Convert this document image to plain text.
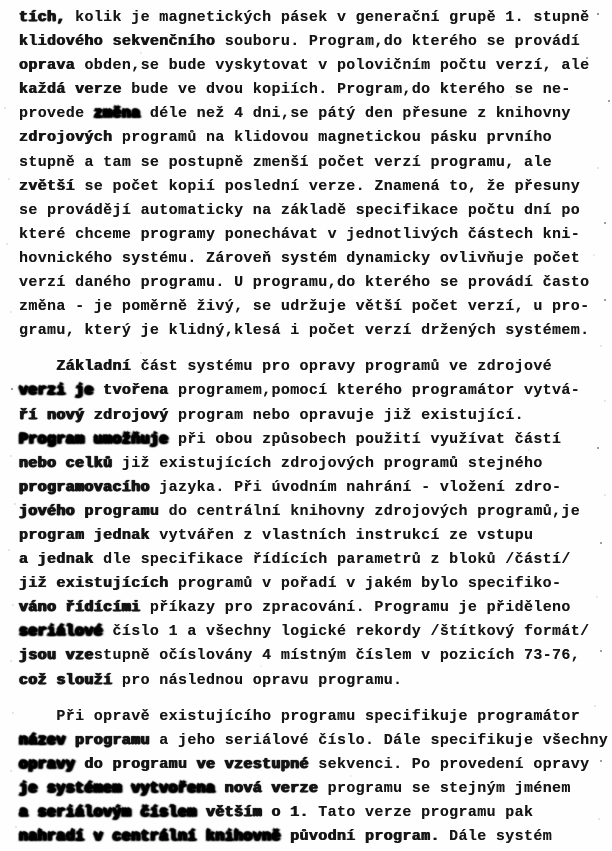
tích, kolik je magnetických pásek v generační grupě 1. stupně
klidového sekvenčního souboru. Program,do kterého se provádí
oprava obden,se bude vyskytovat v polovičním počtu verzí, ale
každá verze bude ve dvou kopiích. Program,do kterého se ne-
provede změna déle než 4 dni,se pátý den přesune z knihovny
zdrojových programů na klidovou magnetickou pásku prvního
stupně a tam se postupně zmenší počet verzí programu, ale
zvětší se počet kopií poslední verze. Znamená to, že přesuny
se provádějí automaticky na základě specifikace počtu dní po
které chceme programy ponechávat v jednotlivých částech kni-
hovnického systému. Zároveň systém dynamicky ovlivňuje počet
verzí daného programu. U programu,do kterého se provádí často
změna - je poměrně živý, se udržuje větší počet verzí, u pro-
gramu, který je klidný,klesá i počet verzí držených systémem.
Základní část systému pro opravy programů ve zdrojové
verzi je tvořena programem,pomocí kterého programátor vytvá-
ří nový zdrojový program nebo opravuje již existující.
Program umožňuje při obou způsobech použití využívat částí
nebo celků již existujících zdrojových programů stejného
programovacího jazyka. Při úvodním nahrání - vložení zdro-
jového programu do centrální knihovny zdrojových programů,je
program jednak vytvářen z vlastních instrukcí ze vstupu
a jednak dle specifikace řídících parametrů z bloků /částí/
již existujících programů v pořadí v jakém bylo specifiko-
váno řídícími příkazy pro zpracování. Programu je přiděleno
seriálové číslo 1 a všechny logické rekordy /štítkový formát/
jsou vzestupně očíslovány 4 místným číslem v pozicích 73-76,
což slouží pro následnou opravu programu.
Při opravě existujícího programu specifikuje programátor
název programu a jeho seriálové číslo. Dále specifikuje všechny
opravy do programu ve vzestupné sekvenci. Po provedení opravy
je systémem vytvořena nová verze programu se stejným jménem
a seriálovým číslem větším o 1. Tato verze programu pak
nahradí v centrální knihovně původní program. Dále systém
